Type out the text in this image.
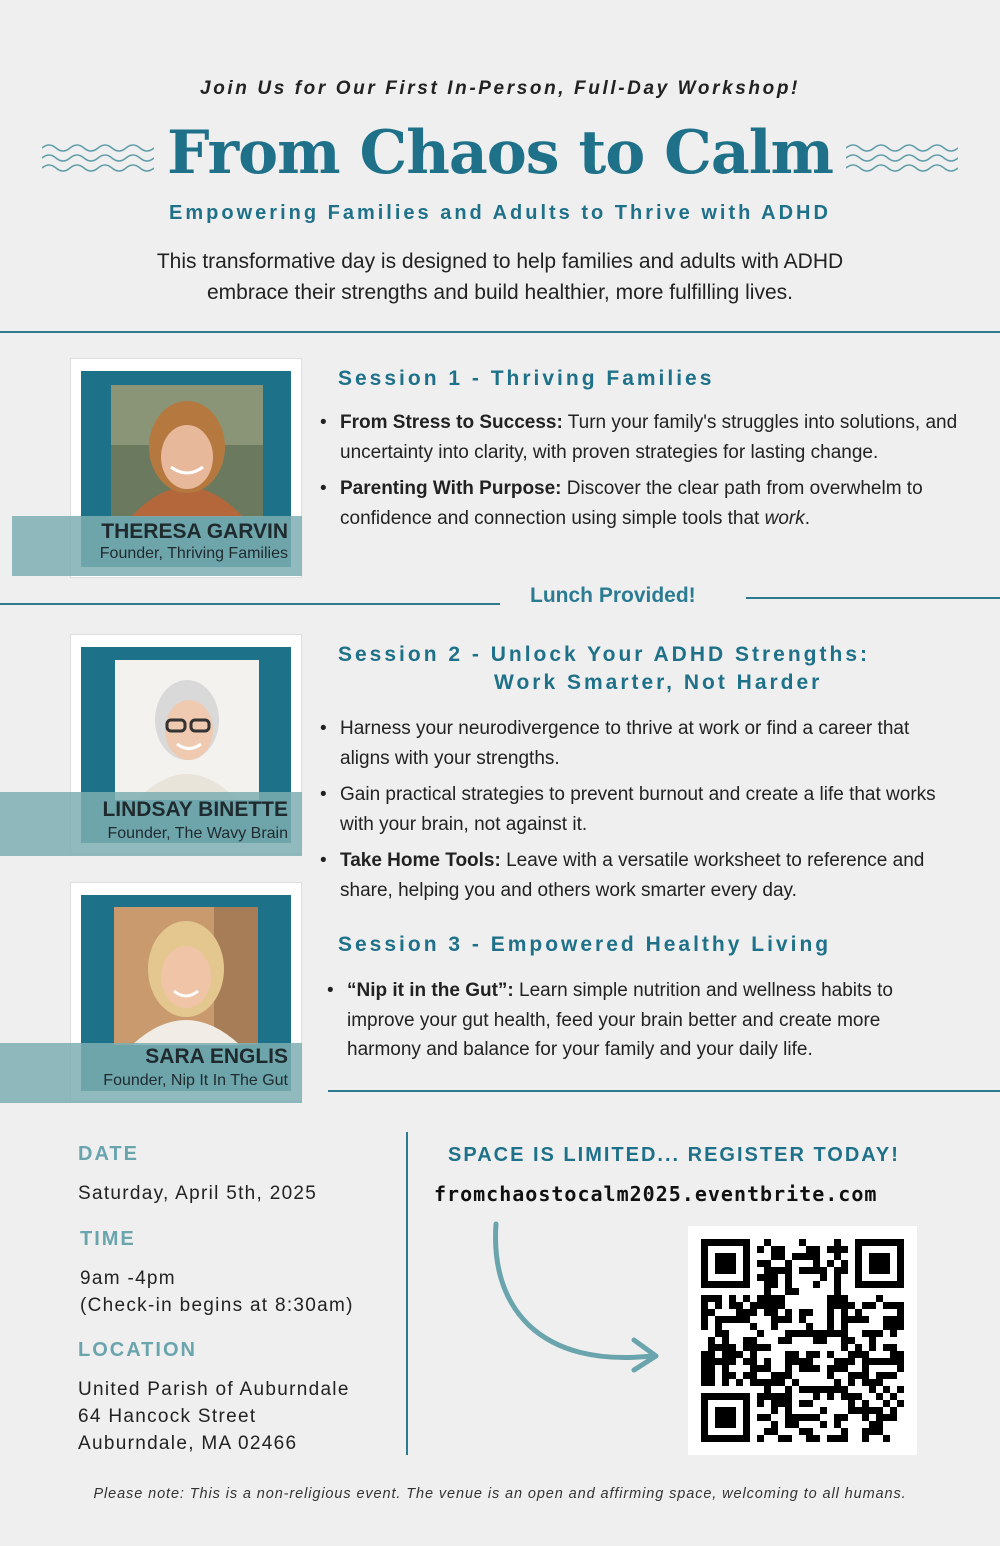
Join Us for Our First In-Person, Full-Day Workshop!
From Chaos to Calm
Empowering Families and Adults to Thrive with ADHD
This transformative day is designed to help families and adults with ADHD
embrace their strengths and build healthier, more fulfilling lives.
THERESA GARVIN
Founder, Thriving Families
Session 1 - Thriving Families
• From Stress to Success: Turn your family's struggles into solutions, and uncertainty into clarity, with proven strategies for lasting change.
• Parenting With Purpose: Discover the clear path from overwhelm to confidence and connection using simple tools that work.
Lunch Provided!
LINDSAY BINETTE
Founder, The Wavy Brain
Session 2 - Unlock Your ADHD Strengths:
Work Smarter, Not Harder
• Harness your neurodivergence to thrive at work or find a career that aligns with your strengths.
• Gain practical strategies to prevent burnout and create a life that works with your brain, not against it.
• Take Home Tools: Leave with a versatile worksheet to reference and share, helping you and others work smarter every day.
SARA ENGLIS
Founder, Nip It In The Gut
Session 3 - Empowered Healthy Living
• “Nip it in the Gut”: Learn simple nutrition and wellness habits to improve your gut health, feed your brain better and create more harmony and balance for your family and your daily life.
DATE
Saturday, April 5th, 2025
TIME
9am -4pm
(Check-in begins at 8:30am)
LOCATION
United Parish of Auburndale
64 Hancock Street
Auburndale, MA 02466
SPACE IS LIMITED... REGISTER TODAY!
fromchaostocalm2025.eventbrite.com
Please note: This is a non-religious event. The venue is an open and affirming space, welcoming to all humans.
